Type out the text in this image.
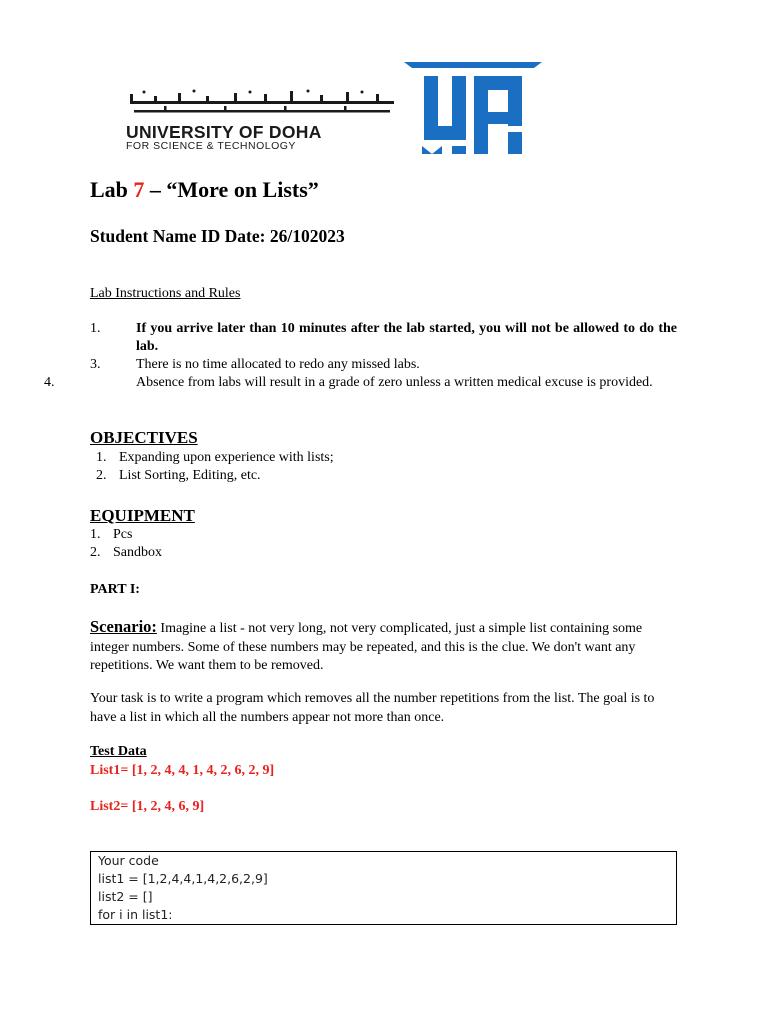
UNIVERSITY OF DOHA
FOR SCIENCE & TECHNOLOGY
Lab 7 – “More on Lists”
Student Name ID Date: 26/102023
Lab Instructions and Rules
1.	If you arrive later than 10 minutes after the lab started, you will not be allowed to do the lab.
3.	There is no time allocated to redo any missed labs.
4.	Absence from labs will result in a grade of zero unless a written medical excuse is provided.
OBJECTIVES
1. Expanding upon experience with lists;
2. List Sorting, Editing, etc.
EQUIPMENT
1. Pcs
2. Sandbox
PART I:
Scenario: Imagine a list - not very long, not very complicated, just a simple list containing some integer numbers. Some of these numbers may be repeated, and this is the clue. We don't want any repetitions. We want them to be removed.
Your task is to write a program which removes all the number repetitions from the list. The goal is to have a list in which all the numbers appear not more than once.
Test Data
List1= [1, 2, 4, 4, 1, 4, 2, 6, 2, 9]
List2= [1, 2, 4, 6, 9]
Your code
list1 = [1,2,4,4,1,4,2,6,2,9]
list2 = []
for i in list1:
